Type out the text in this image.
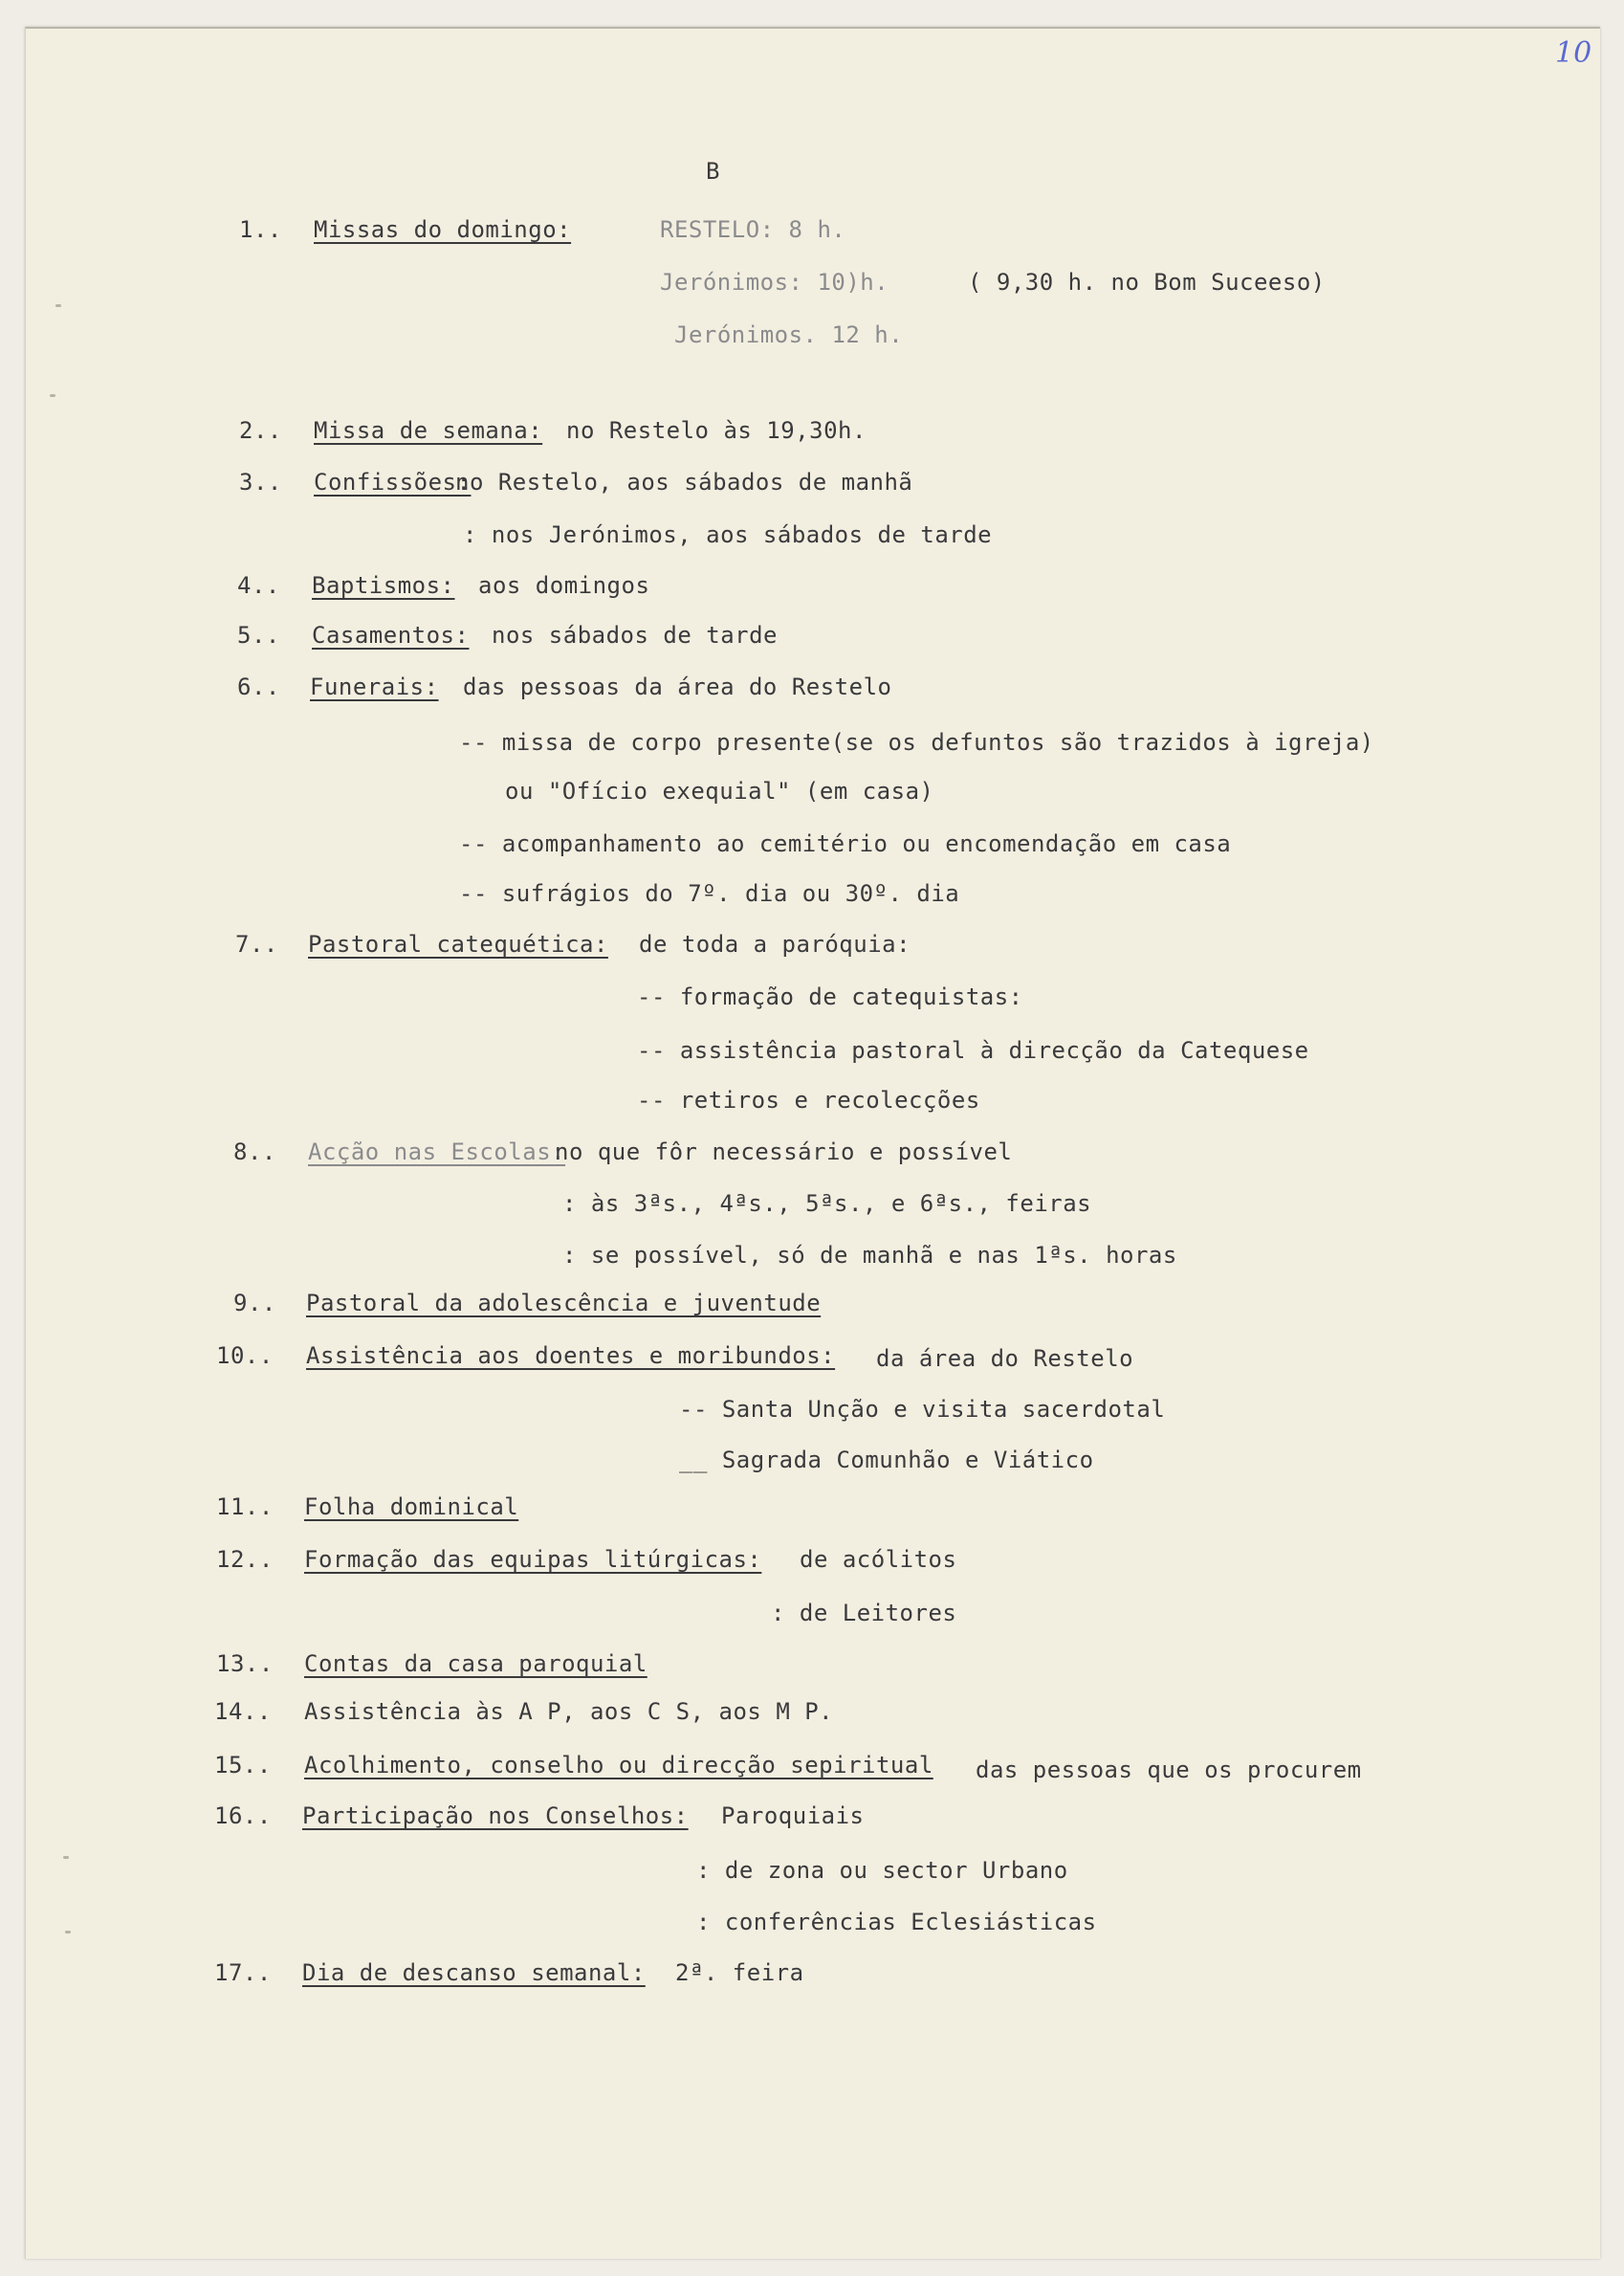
10
B
1.. Missas do domingo:	RESTELO: 8 h.
Jerónimos: 10)h.	( 9,30 h. no Bom Suceeso)
Jerónimos. 12 h.
2.. Missa de semana: no Restelo às 19,30h.
3.. Confissões:
no Restelo, aos sábados de manhã
: nos Jerónimos, aos sábados de tarde
4.. Baptismos: aos domingos
5.. Casamentos: nos sábados de tarde
6.. Funerais: das pessoas da área do Restelo
-- missa de corpo presente(se os defuntos são trazidos à igreja)
ou "Ofício exequial" (em casa)
-- acompanhamento ao cemitério ou encomendação em casa
-- sufrágios do 7º. dia ou 30º. dia
7.. Pastoral catequética: de toda a paróquia:
-- formação de catequistas:
-- assistência pastoral à direcção da Catequese
-- retiros e recolecções
8.. Acção nas Escolas:
no que fôr necessário e possível
: às 3ªs., 4ªs., 5ªs., e 6ªs., feiras
: se possível, só de manhã e nas 1ªs. horas
9.. Pastoral da adolescência e juventude
10.. Assistência aos doentes e moribundos: da área do Restelo
-- Santa Unção e visita sacerdotal
__ Sagrada Comunhão e Viático
11.. Folha dominical
12.. Formação das equipas litúrgicas: de acólitos
: de Leitores
13.. Contas da casa paroquial
14.. Assistência às A P, aos C S, aos M P.
15.. Acolhimento, conselho ou direcção sepiritual das pessoas que os procurem
16.. Participação nos Conselhos: Paroquiais
: de zona ou sector Urbano
: conferências Eclesiásticas
17.. Dia de descanso semanal: 2ª. feira
